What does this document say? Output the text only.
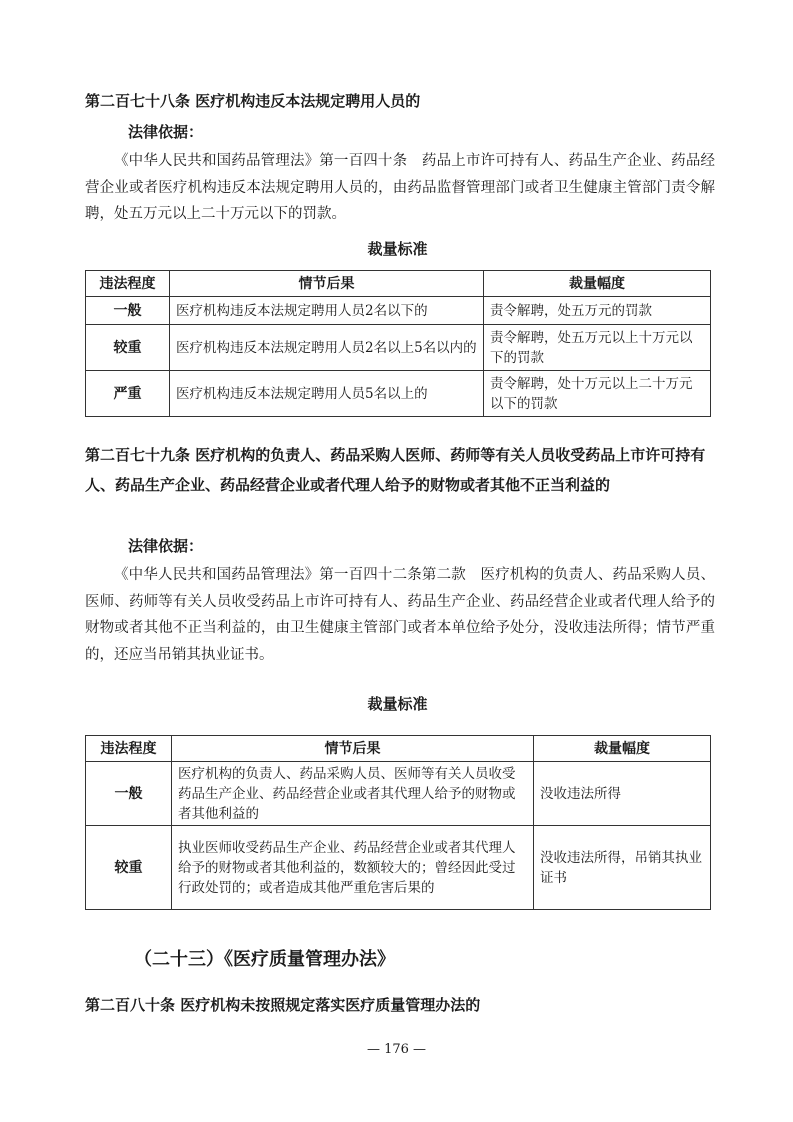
第二百七十八条 医疗机构违反本法规定聘用人员的
法律依据：
《中华人民共和国药品管理法》第一百四十条　药品上市许可持有人、药品生产企业、药品经营企业或者医疗机构违反本法规定聘用人员的，由药品监督管理部门或者卫生健康主管部门责令解聘，处五万元以上二十万元以下的罚款。
裁量标准
违法程度	情节后果	裁量幅度
一般	医疗机构违反本法规定聘用人员2名以下的	责令解聘，处五万元的罚款
较重	医疗机构违反本法规定聘用人员2名以上5名以内的	责令解聘，处五万元以上十万元以下的罚款
严重	医疗机构违反本法规定聘用人员5名以上的	责令解聘，处十万元以上二十万元以下的罚款
第二百七十九条 医疗机构的负责人、药品采购人医师、药师等有关人员收受药品上市许可持有人、药品生产企业、药品经营企业或者代理人给予的财物或者其他不正当利益的
法律依据：
《中华人民共和国药品管理法》第一百四十二条第二款　医疗机构的负责人、药品采购人员、医师、药师等有关人员收受药品上市许可持有人、药品生产企业、药品经营企业或者代理人给予的财物或者其他不正当利益的，由卫生健康主管部门或者本单位给予处分，没收违法所得；情节严重的，还应当吊销其执业证书。
裁量标准
违法程度	情节后果	裁量幅度
一般	医疗机构的负责人、药品采购人员、医师等有关人员收受药品生产企业、药品经营企业或者其代理人给予的财物或者其他利益的	没收违法所得
较重	执业医师收受药品生产企业、药品经营企业或者其代理人给予的财物或者其他利益的，数额较大的；曾经因此受过行政处罚的；或者造成其他严重危害后果的	没收违法所得，吊销其执业证书
（二十三）《医疗质量管理办法》
第二百八十条 医疗机构未按照规定落实医疗质量管理办法的
— 176 —
